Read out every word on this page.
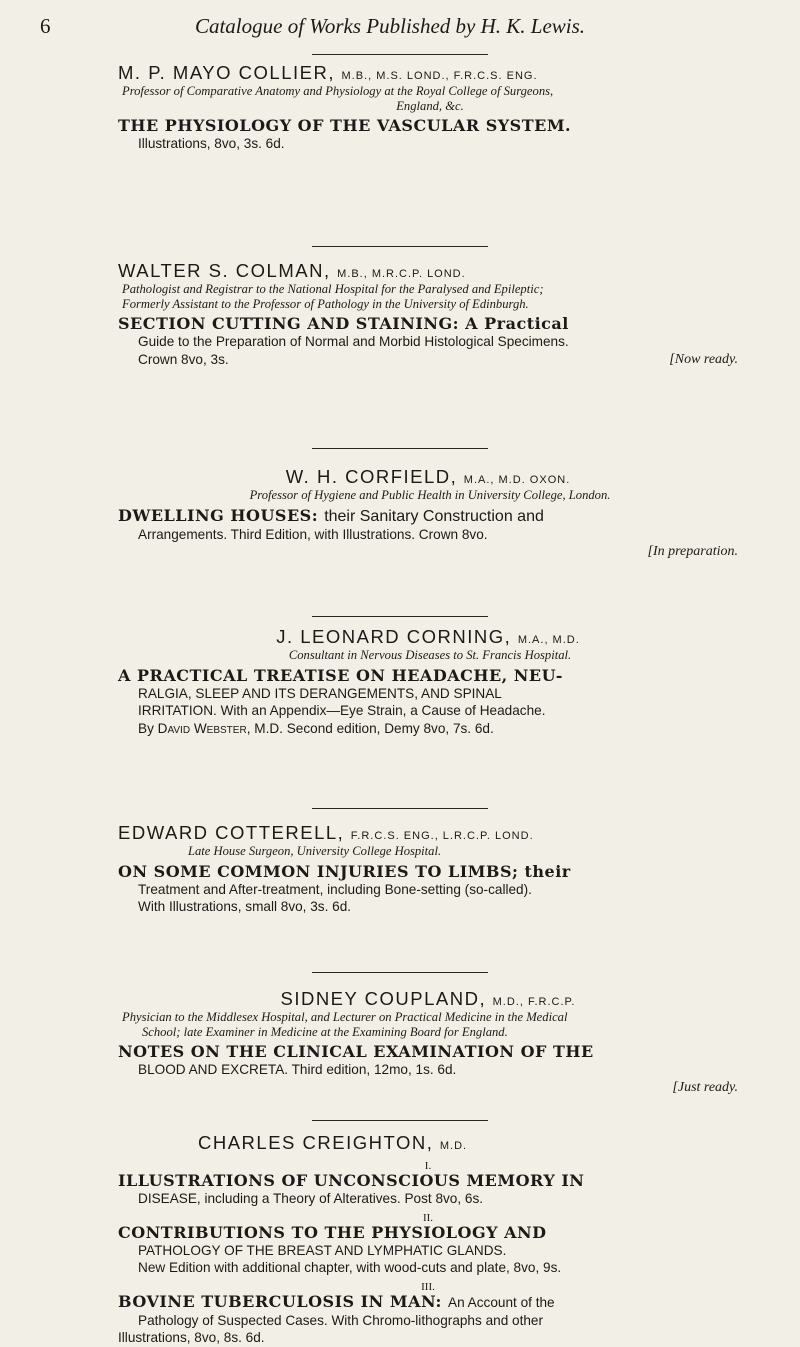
6	Catalogue of Works Published by H. K. Lewis.
M. P. MAYO COLLIER, M.B., M.S. LOND., F.R.C.S. ENG.
Professor of Comparative Anatomy and Physiology at the Royal College of Surgeons,
England, &c.
THE PHYSIOLOGY OF THE VASCULAR SYSTEM.
Illustrations, 8vo, 3s. 6d.
WALTER S. COLMAN, M.B., M.R.C.P. LOND.
Pathologist and Registrar to the National Hospital for the Paralysed and Epileptic;
Formerly Assistant to the Professor of Pathology in the University of Edinburgh.
SECTION CUTTING AND STAINING: A Practical
Guide to the Preparation of Normal and Morbid Histological Specimens.
Crown 8vo, 3s.	[Now ready.
W. H. CORFIELD, M.A., M.D. OXON.
Professor of Hygiene and Public Health in University College, London.
DWELLING HOUSES: their Sanitary Construction and
Arrangements. Third Edition, with Illustrations. Crown 8vo.
[In preparation.

J. LEONARD CORNING, M.A., M.D.
Consultant in Nervous Diseases to St. Francis Hospital.
A PRACTICAL TREATISE ON HEADACHE, NEU-
RALGIA, SLEEP AND ITS DERANGEMENTS, AND SPINAL
IRRITATION. With an Appendix—Eye Strain, a Cause of Headache.
By David Webster, M.D. Second edition, Demy 8vo, 7s. 6d.
EDWARD COTTERELL, F.R.C.S. ENG., L.R.C.P. LOND.
Late House Surgeon, University College Hospital.
ON SOME COMMON INJURIES TO LIMBS; their
Treatment and After-treatment, including Bone-setting (so-called).
With Illustrations, small 8vo, 3s. 6d.
SIDNEY COUPLAND, M.D., F.R.C.P.
Physician to the Middlesex Hospital, and Lecturer on Practical Medicine in the Medical
School; late Examiner in Medicine at the Examining Board for England.
NOTES ON THE CLINICAL EXAMINATION OF THE
BLOOD AND EXCRETA. Third edition, 12mo, 1s. 6d.
[Just ready.

CHARLES CREIGHTON, M.D.
I.
ILLUSTRATIONS OF UNCONSCIOUS MEMORY IN
DISEASE, including a Theory of Alteratives. Post 8vo, 6s.
II.
CONTRIBUTIONS TO THE PHYSIOLOGY AND
PATHOLOGY OF THE BREAST AND LYMPHATIC GLANDS.
New Edition with additional chapter, with wood-cuts and plate, 8vo, 9s.
III.
BOVINE TUBERCULOSIS IN MAN: An Account of the
Pathology of Suspected Cases. With Chromo-lithographs and other
Illustrations, 8vo, 8s. 6d.
